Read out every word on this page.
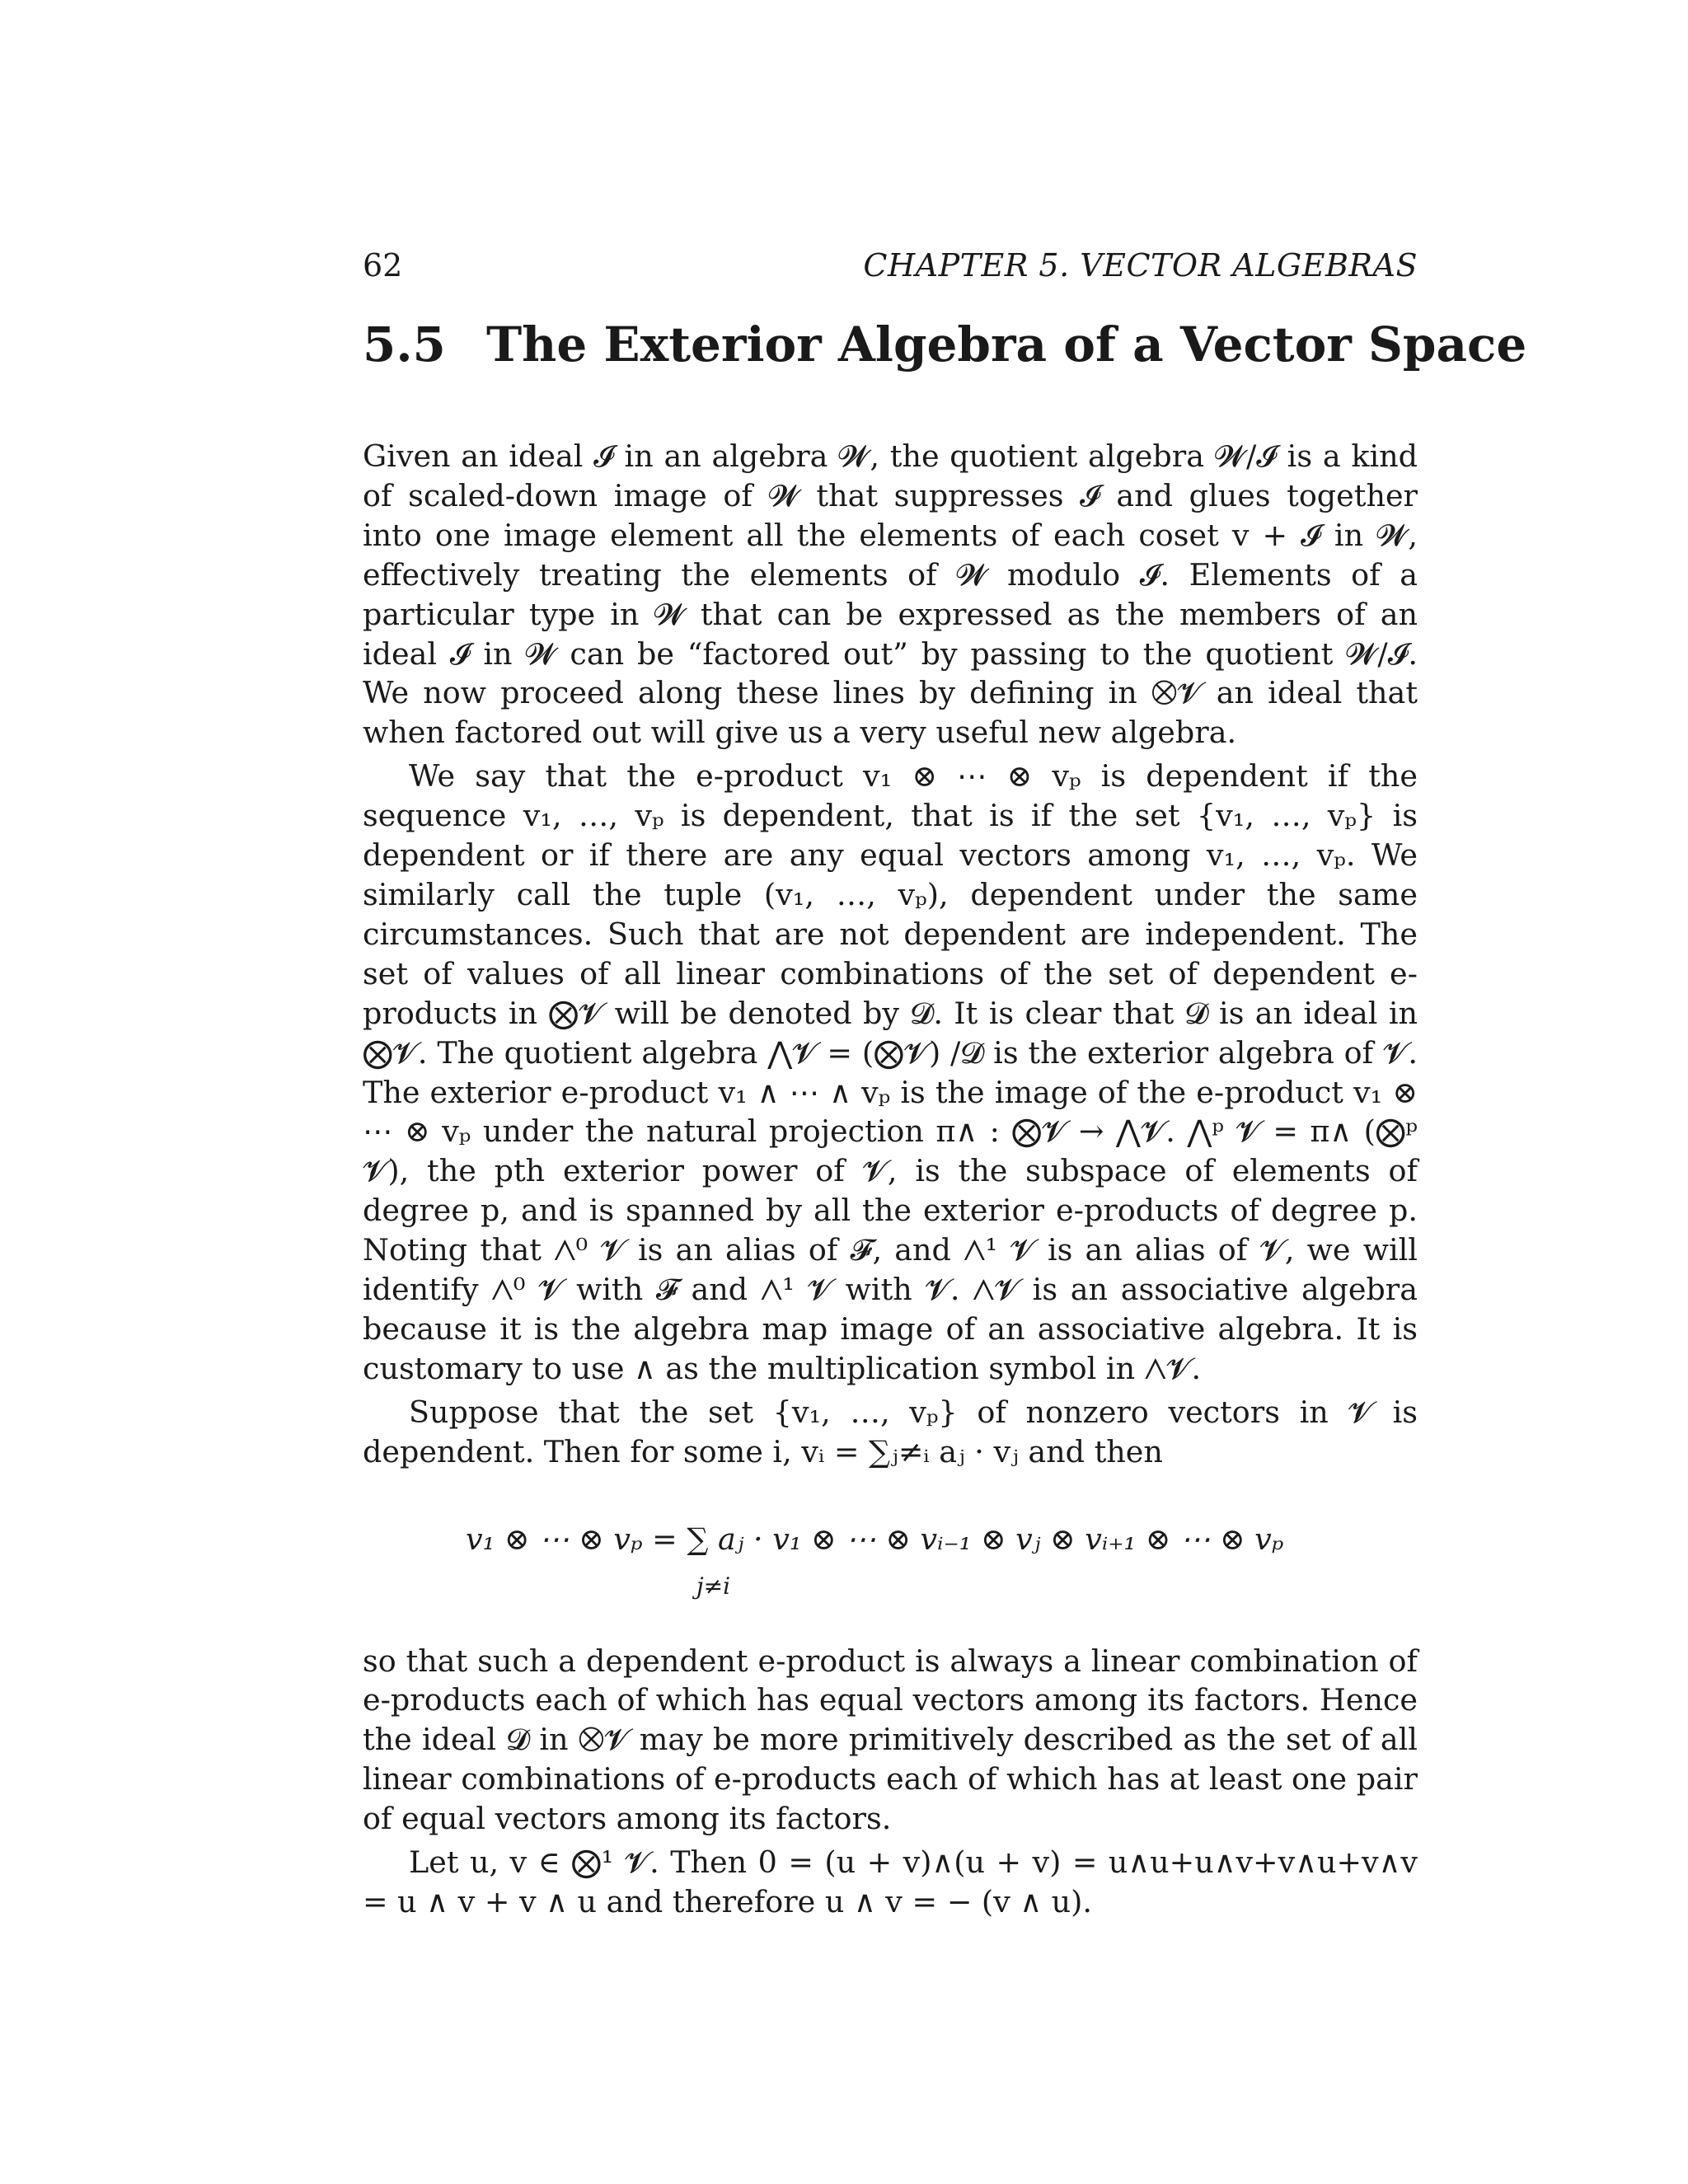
62	CHAPTER 5. VECTOR ALGEBRAS
5.5 The Exterior Algebra of a Vector Space

Given an ideal 𝓘 in an algebra 𝓦, the quotient algebra 𝓦/𝓘 is a kind of scaled-down image of 𝓦 that suppresses 𝓘 and glues together into one image element all the elements of each coset v + 𝓘 in 𝓦, effectively treating the elements of 𝓦 modulo 𝓘. Elements of a particular type in 𝓦 that can be expressed as the members of an ideal 𝓘 in 𝓦 can be “factored out” by passing to the quotient 𝓦/𝓘. We now proceed along these lines by defining in ⨂𝓥 an ideal that when factored out will give us a very useful new algebra.

We say that the e-product v₁ ⊗ ⋯ ⊗ vₚ is dependent if the sequence v₁, …, vₚ is dependent, that is if the set {v₁, …, vₚ} is dependent or if there are any equal vectors among v₁, …, vₚ. We similarly call the tuple (v₁, …, vₚ), dependent under the same circumstances. Such that are not dependent are independent. The set of values of all linear combinations of the set of dependent e-products in ⨂𝓥 will be denoted by 𝓓. It is clear that 𝓓 is an ideal in ⨂𝓥. The quotient algebra ⋀𝓥 = (⨂𝓥) /𝓓 is the exterior algebra of 𝓥. The exterior e-product v₁ ∧ ⋯ ∧ vₚ is the image of the e-product v₁ ⊗ ⋯ ⊗ vₚ under the natural projection π∧ : ⨂𝓥 → ⋀𝓥. ⋀ᵖ 𝓥 = π∧ (⨂ᵖ 𝓥), the pth exterior power of 𝓥, is the subspace of elements of degree p, and is spanned by all the exterior e-products of degree p. Noting that ⋀⁰ 𝓥 is an alias of 𝓕, and ⋀¹ 𝓥 is an alias of 𝓥, we will identify ⋀⁰ 𝓥 with 𝓕 and ⋀¹ 𝓥 with 𝓥. ⋀𝓥 is an associative algebra because it is the algebra map image of an associative algebra. It is customary to use ∧ as the multiplication symbol in ⋀𝓥.

Suppose that the set {v₁, …, vₚ} of nonzero vectors in 𝓥 is dependent. Then for some i, vᵢ = ∑ⱼ≠ᵢ aⱼ · vⱼ and then

v₁ ⊗ ⋯ ⊗ vₚ = ∑ aⱼ · v₁ ⊗ ⋯ ⊗ vᵢ₋₁ ⊗ vⱼ ⊗ vᵢ₊₁ ⊗ ⋯ ⊗ vₚ
j≠i

so that such a dependent e-product is always a linear combination of e-products each of which has equal vectors among its factors. Hence the ideal 𝓓 in ⨂𝓥 may be more primitively described as the set of all linear combinations of e-products each of which has at least one pair of equal vectors among its factors.

Let u, v ∈ ⨂¹ 𝓥. Then 0 = (u + v)∧(u + v) = u∧u+u∧v+v∧u+v∧v = u ∧ v + v ∧ u and therefore u ∧ v = − (v ∧ u).
